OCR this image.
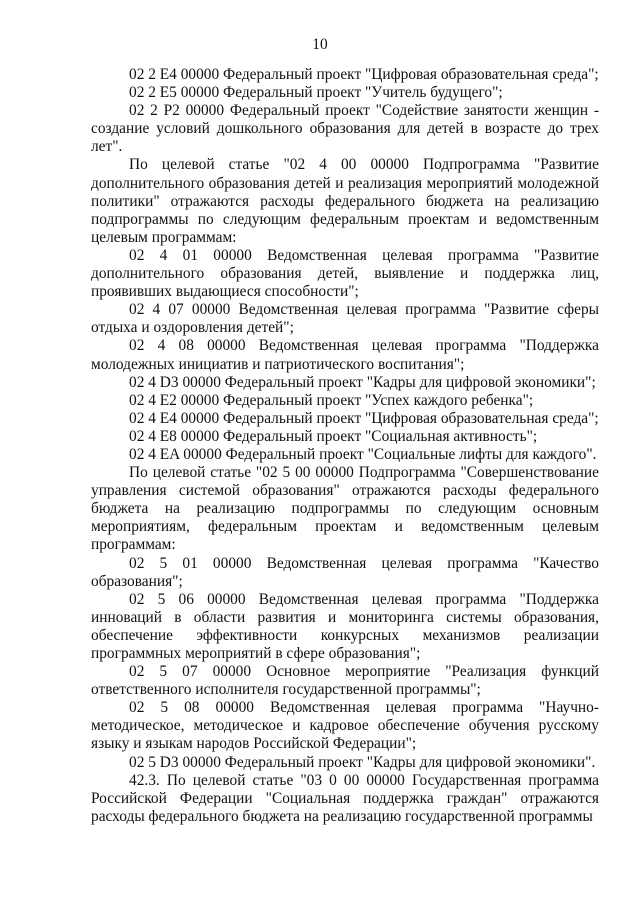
10

02 2 E4 00000 Федеральный проект "Цифровая образовательная среда";

02 2 E5 00000 Федеральный проект "Учитель будущего";

02 2 P2 00000 Федеральный проект "Содействие занятости женщин - создание условий дошкольного образования для детей в возрасте до трех лет".

По целевой статье "02 4 00 00000 Подпрограмма "Развитие дополнительного образования детей и реализация мероприятий молодежной политики" отражаются расходы федерального бюджета на реализацию подпрограммы по следующим федеральным проектам и ведомственным целевым программам:

02 4 01 00000 Ведомственная целевая программа "Развитие дополнительного образования детей, выявление и поддержка лиц, проявивших выдающиеся способности";

02 4 07 00000 Ведомственная целевая программа "Развитие сферы отдыха и оздоровления детей";

02 4 08 00000 Ведомственная целевая программа "Поддержка молодежных инициатив и патриотического воспитания";

02 4 D3 00000 Федеральный проект "Кадры для цифровой экономики";

02 4 E2 00000 Федеральный проект "Успех каждого ребенка";

02 4 E4 00000 Федеральный проект "Цифровая образовательная среда";

02 4 E8 00000 Федеральный проект "Социальная активность";

02 4 EA 00000 Федеральный проект "Социальные лифты для каждого".

По целевой статье "02 5 00 00000 Подпрограмма "Совершенствование управления системой образования" отражаются расходы федерального бюджета на реализацию подпрограммы по следующим основным мероприятиям, федеральным проектам и ведомственным целевым программам:

02 5 01 00000 Ведомственная целевая программа "Качество образования";

02 5 06 00000 Ведомственная целевая программа "Поддержка инноваций в области развития и мониторинга системы образования, обеспечение эффективности конкурсных механизмов реализации программных мероприятий в сфере образования";

02 5 07 00000 Основное мероприятие "Реализация функций ответственного исполнителя государственной программы";

02 5 08 00000 Ведомственная целевая программа "Научно-методическое, методическое и кадровое обеспечение обучения русскому языку и языкам народов Российской Федерации";

02 5 D3 00000 Федеральный проект "Кадры для цифровой экономики".

42.3. По целевой статье "03 0 00 00000 Государственная программа Российской Федерации "Социальная поддержка граждан" отражаются расходы федерального бюджета на реализацию государственной программы
